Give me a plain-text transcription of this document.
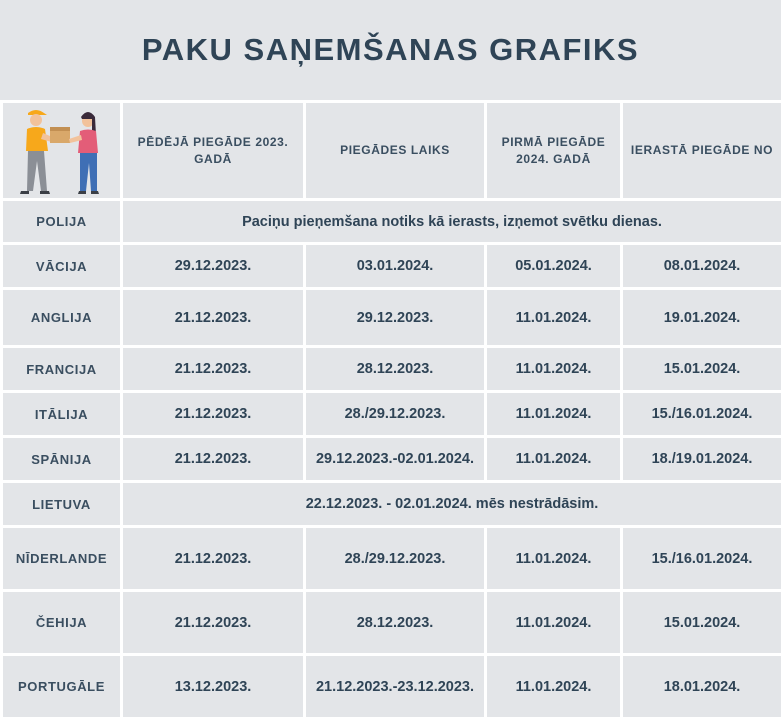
PAKU SAŅEMŠANAS GRAFIKS
	PĒDĒJĀ PIEGĀDE 2023. GADĀ	PIEGĀDES LAIKS	PIRMĀ PIEGĀDE 2024. GADĀ	IERASTĀ PIEGĀDE NO
POLIJA	Paciņu pieņemšana notiks kā ierasts, izņemot svētku dienas.			
VĀCIJA	29.12.2023.	03.01.2024.	05.01.2024.	08.01.2024.
ANGLIJA	21.12.2023.	29.12.2023.	11.01.2024.	19.01.2024.
FRANCIJA	21.12.2023.	28.12.2023.	11.01.2024.	15.01.2024.
ITĀLIJA	21.12.2023.	28./29.12.2023.	11.01.2024.	15./16.01.2024.
SPĀNIJA	21.12.2023.	29.12.2023.-02.01.2024.	11.01.2024.	18./19.01.2024.
LIETUVA	22.12.2023. - 02.01.2024. mēs nestrādāsim.			
NĪDERLANDE	21.12.2023.	28./29.12.2023.	11.01.2024.	15./16.01.2024.
ČEHIJA	21.12.2023.	28.12.2023.	11.01.2024.	15.01.2024.
PORTUGĀLE	13.12.2023.	21.12.2023.-23.12.2023.	11.01.2024.	18.01.2024.
